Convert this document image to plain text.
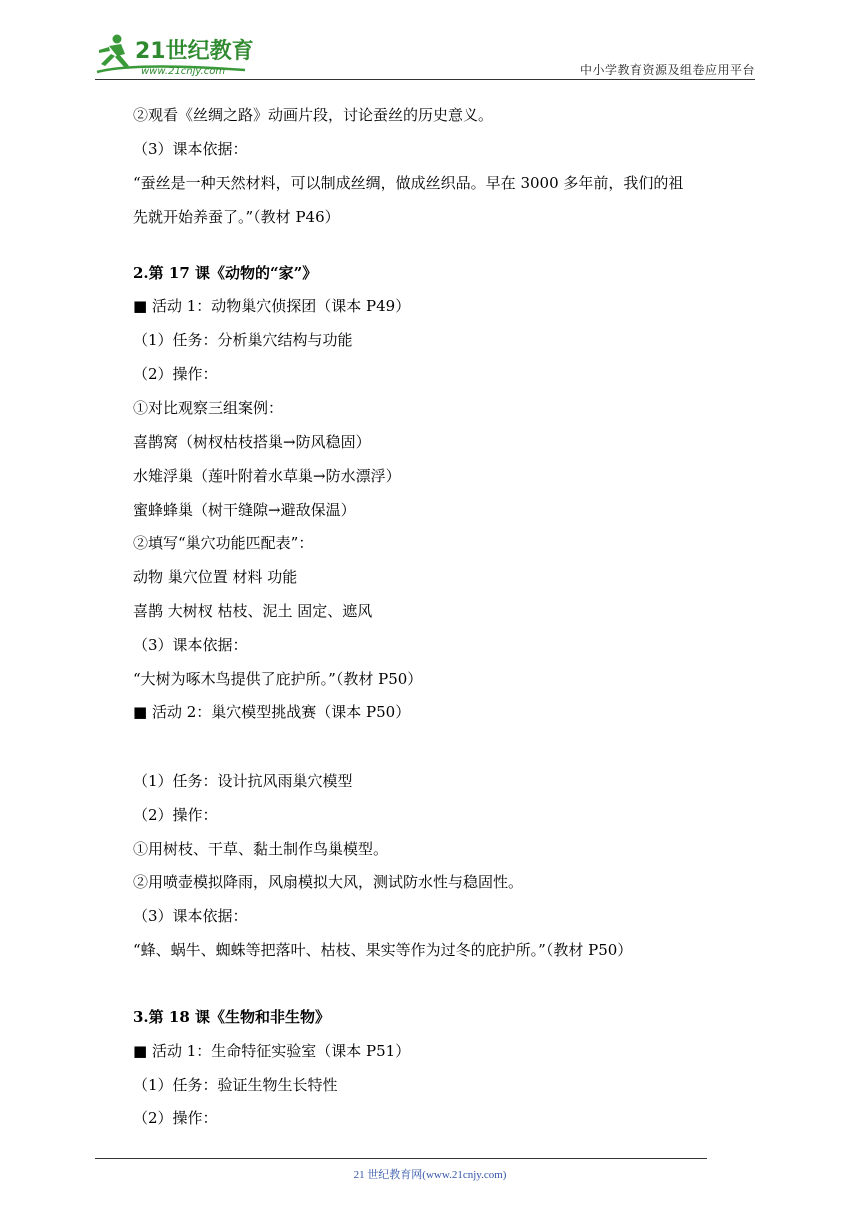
21世纪教育
www.21cnjy.com	中小学教育资源及组卷应用平台
②观看《丝绸之路》动画片段，讨论蚕丝的历史意义。
（3）课本依据：
“蚕丝是一种天然材料，可以制成丝绸，做成丝织品。早在 3000 多年前，我们的祖
先就开始养蚕了。”（教材 P46）
2.第 17 课《动物的“家”》
■ 活动 1：动物巢穴侦探团（课本 P49）
（1）任务：分析巢穴结构与功能
（2）操作：
①对比观察三组案例：
喜鹊窝（树杈枯枝搭巢→防风稳固）
水雉浮巢（莲叶附着水草巢→防水漂浮）
蜜蜂蜂巢（树干缝隙→避敌保温）
②填写“巢穴功能匹配表”：
动物 巢穴位置 材料 功能
喜鹊 大树杈 枯枝、泥土 固定、遮风
（3）课本依据：
“大树为啄木鸟提供了庇护所。”（教材 P50）
■ 活动 2：巢穴模型挑战赛（课本 P50）
（1）任务：设计抗风雨巢穴模型
（2）操作：
①用树枝、干草、黏土制作鸟巢模型。
②用喷壶模拟降雨，风扇模拟大风，测试防水性与稳固性。
（3）课本依据：
“蜂、蜗牛、蜘蛛等把落叶、枯枝、果实等作为过冬的庇护所。”（教材 P50）
3.第 18 课《生物和非生物》
■ 活动 1：生命特征实验室（课本 P51）
（1）任务：验证生物生长特性
（2）操作：
21 世纪教育网(www.21cnjy.com)
